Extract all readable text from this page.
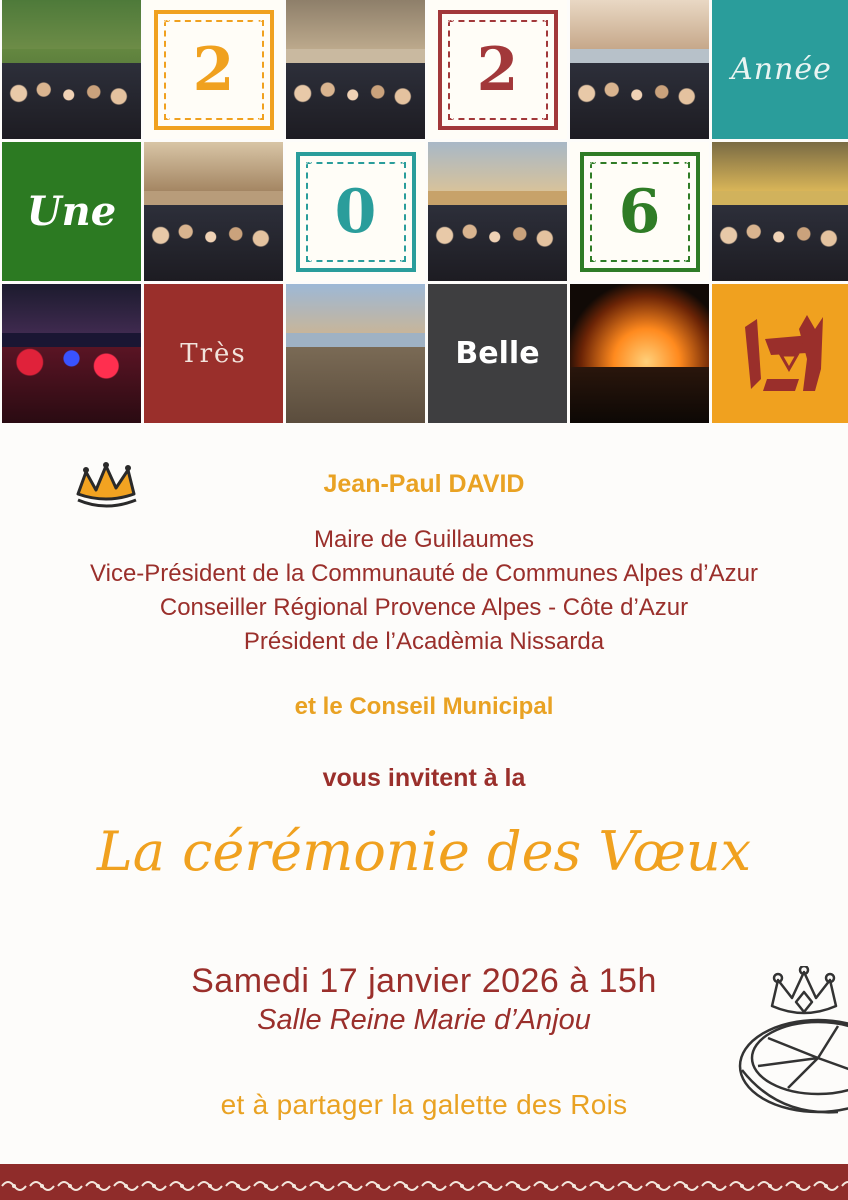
❦	❦
❦	❦
2
❦	❦
❦	❦
2	Année
Une
❦	❦
❦	❦
0
❦	❦
❦	❦
6
Très	Belle
Jean-Paul DAVID
Maire de Guillaumes
Vice-Président de la Communauté de Communes Alpes d’Azur
Conseiller Régional Provence Alpes - Côte d’Azur
Président de l’Acadèmia Nissarda
et le Conseil Municipal
vous invitent à la
La cérémonie des Vœux
Samedi 17 janvier 2026 à 15h
Salle Reine Marie d’Anjou
et à partager la galette des Rois
